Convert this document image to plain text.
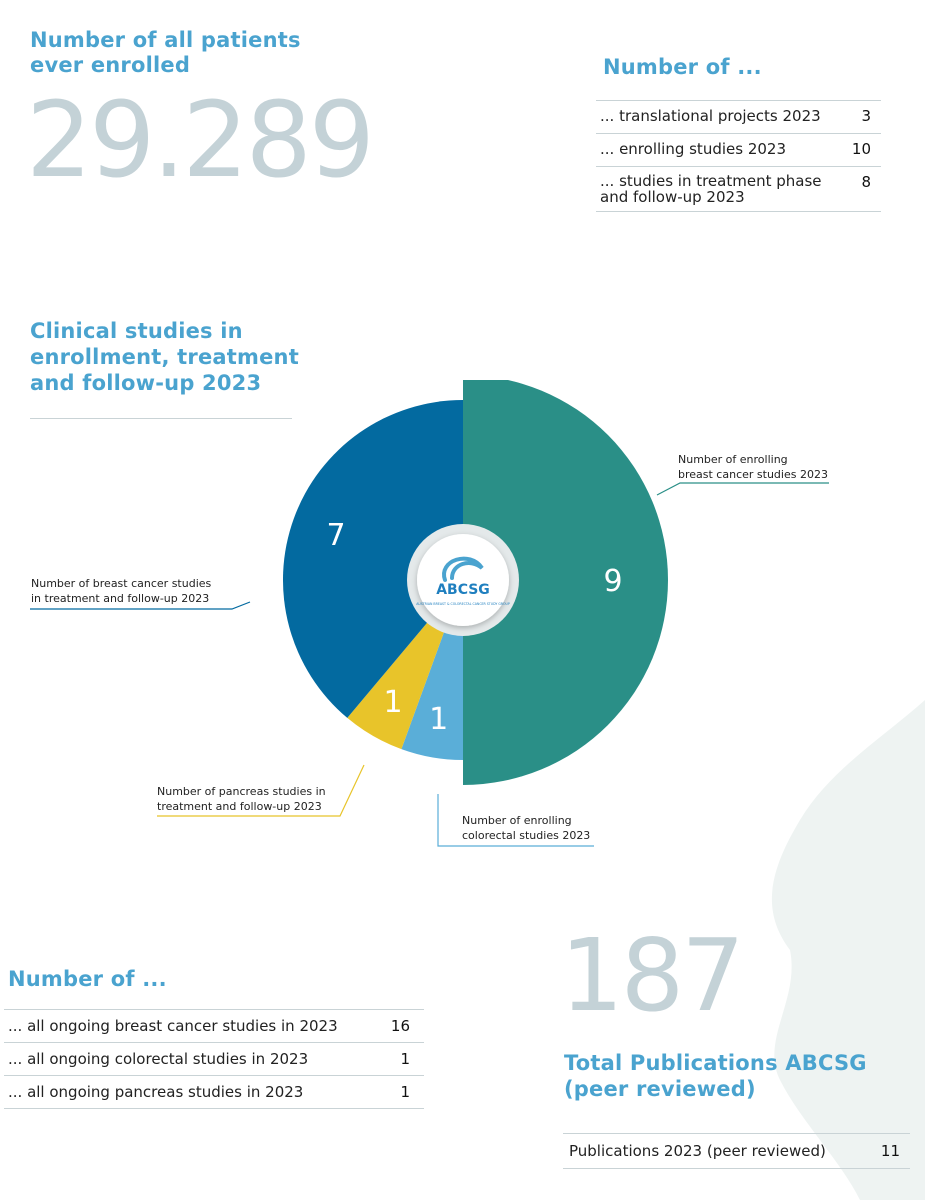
Number of all patients
ever enrolled
29.289
Number of ...
... translational projects 2023	3
... enrolling studies 2023	10
... studies in treatment phase
and follow-up 2023	8
Clinical studies in
enrollment, treatment
and follow-up 2023
9
1
1
7
ABCSG
AUSTRIAN BREAST & COLORECTAL CANCER STUDY GROUP
Number of enrolling
breast cancer studies 2023
Number of breast cancer studies
in treatment and follow-up 2023
Number of pancreas studies in
treatment and follow-up 2023
Number of enrolling
colorectal studies 2023
Number of ...
... all ongoing breast cancer studies in 2023	16
... all ongoing colorectal studies in 2023	1
... all ongoing pancreas studies in 2023	1
187
Total Publications ABCSG
(peer reviewed)
Publications 2023 (peer reviewed)	11
